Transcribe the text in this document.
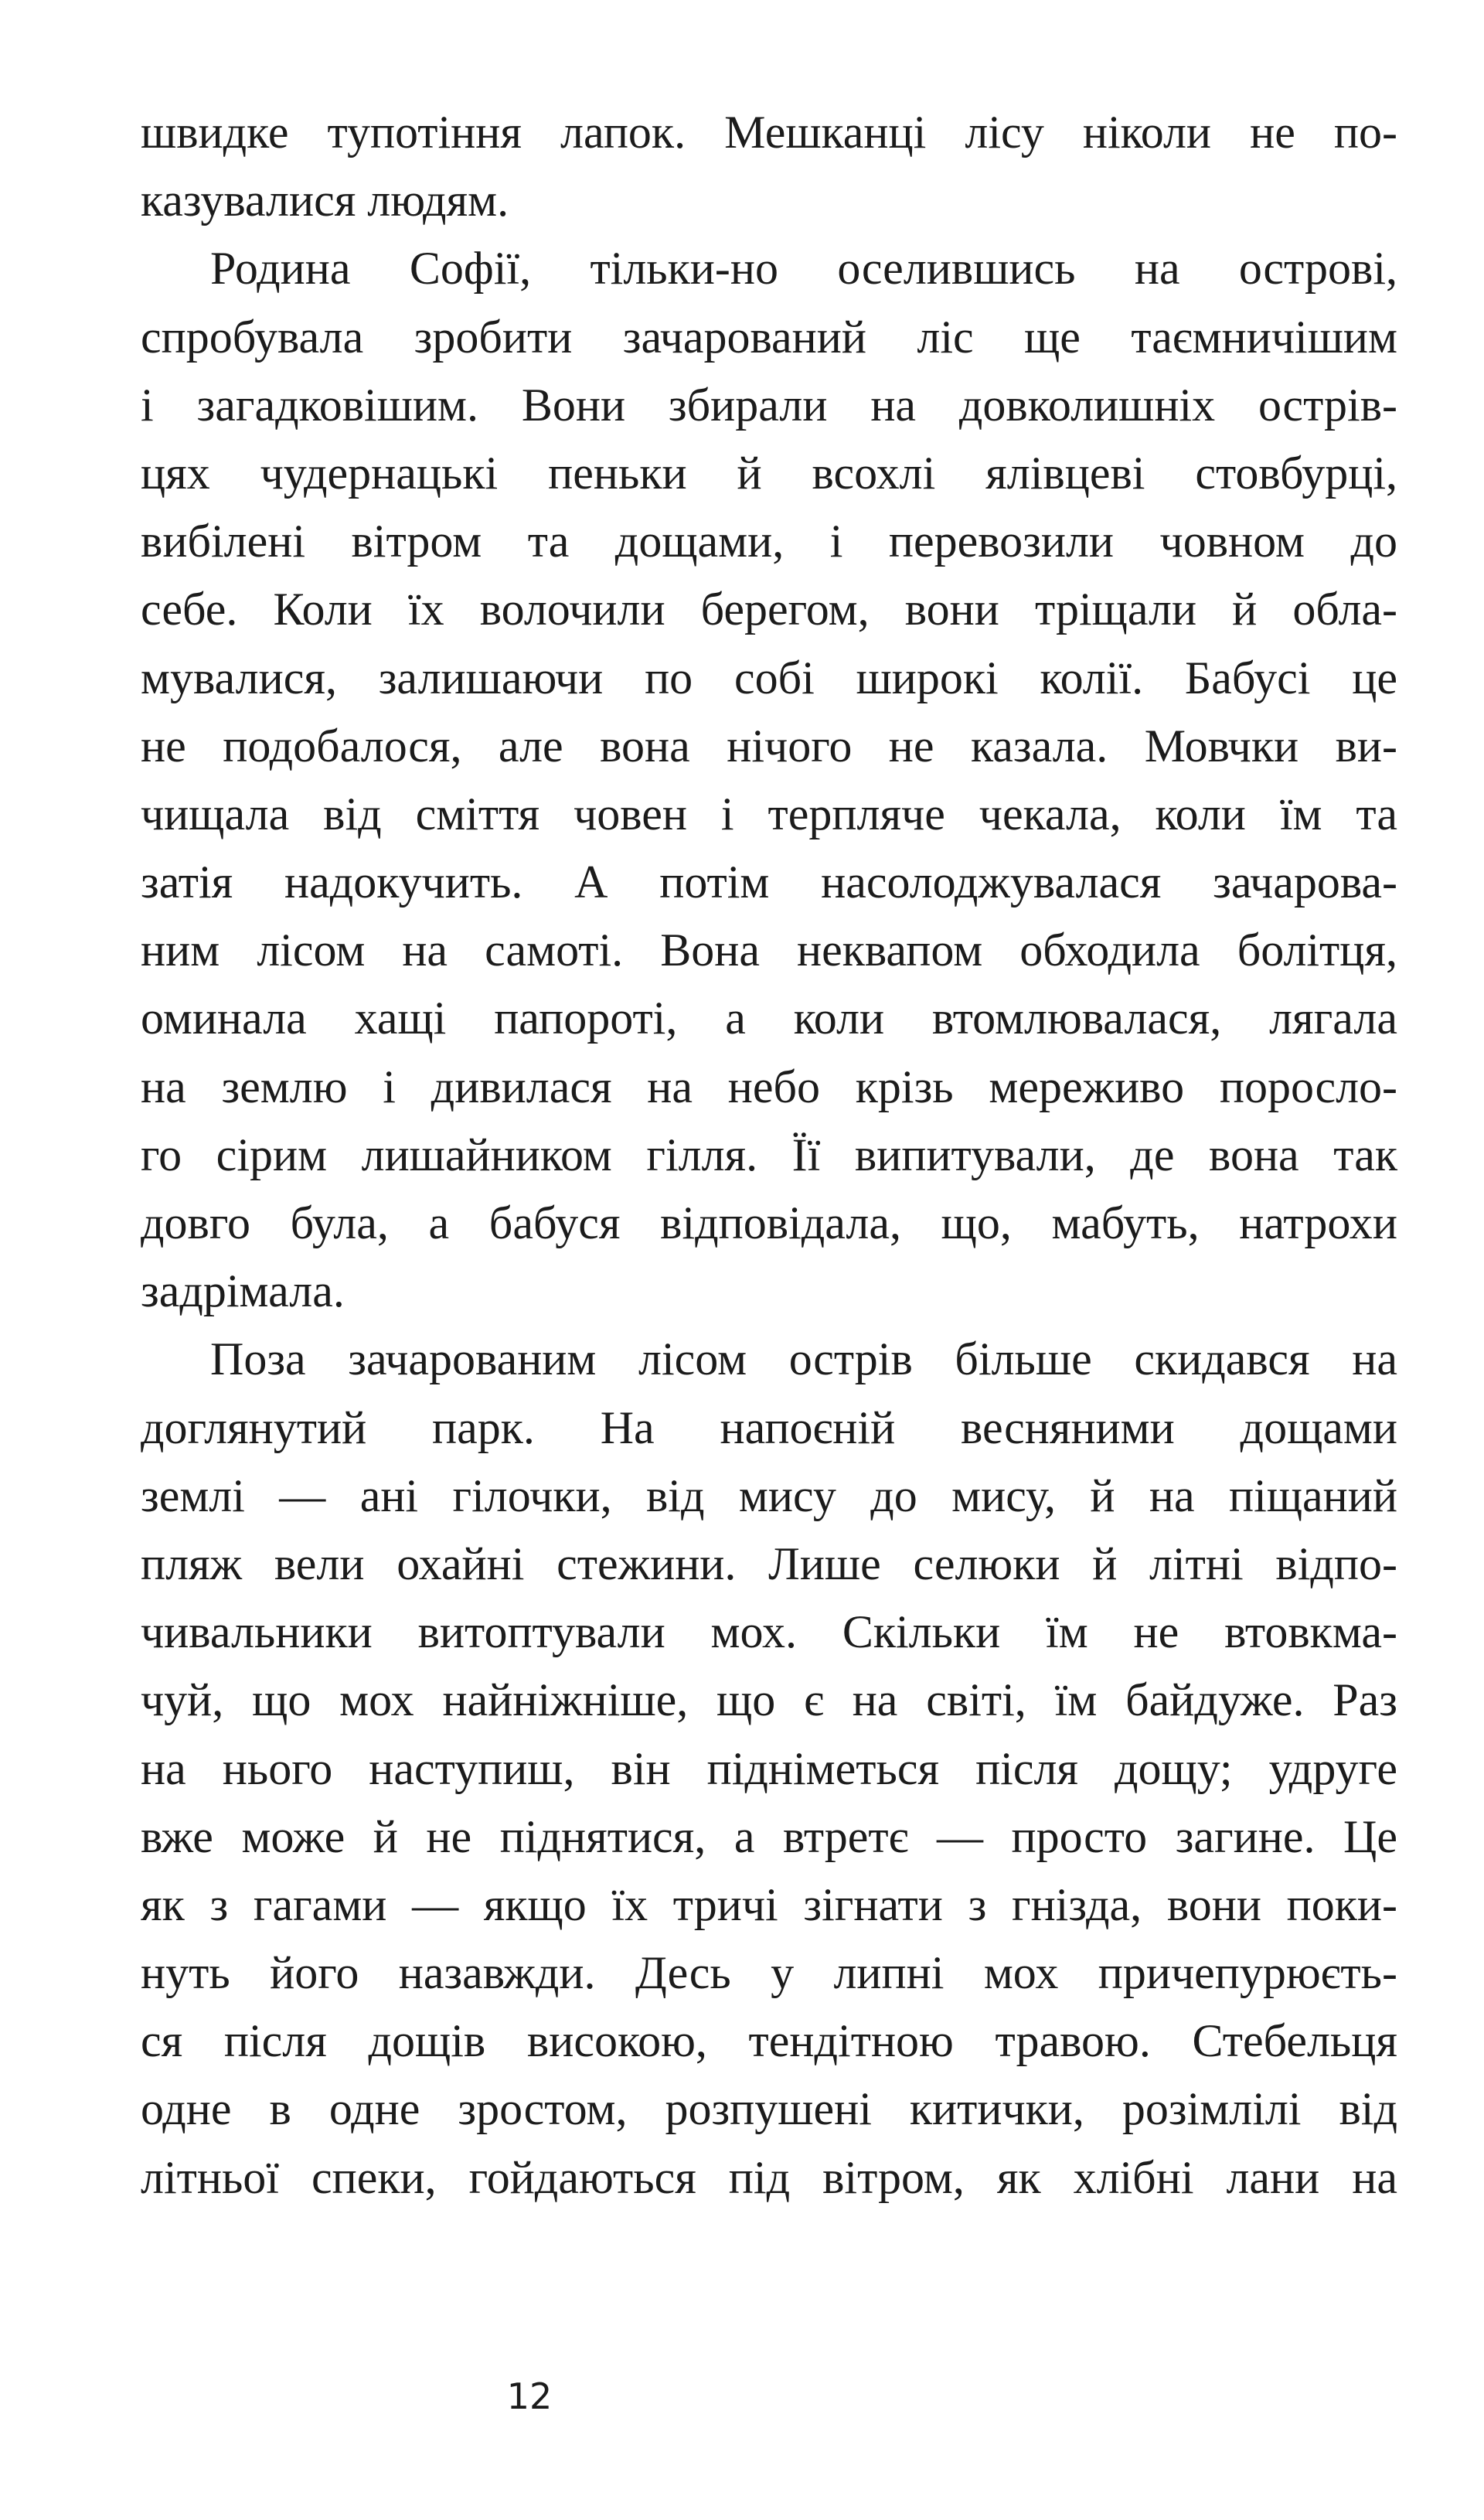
швидке тупотіння лапок. Мешканці лісу ніколи не по-
казувалися людям.
Родина Софії, тільки-но оселившись на острові,
спробувала зробити зачарований ліс ще таємничішим
і загадковішим. Вони збирали на довколишніх острів-
цях чудернацькі пеньки й всохлі ялівцеві стовбурці,
вибілені вітром та дощами, і перевозили човном до
себе. Коли їх волочили берегом, вони тріщали й обла-
мувалися, залишаючи по собі широкі колії. Бабусі це
не подобалося, але вона нічого не казала. Мовчки ви-
чищала від сміття човен і терпляче чекала, коли їм та
затія надокучить. А потім насолоджувалася зачарова-
ним лісом на самоті. Вона неквапом обходила болітця,
оминала хащі папороті, а коли втомлювалася, лягала
на землю і дивилася на небо крізь мереживо поросло-
го сірим лишайником гілля. Її випитували, де вона так
довго була, а бабуся відповідала, що, мабуть, натрохи
задрімала.
Поза зачарованим лісом острів більше скидався на
доглянутий парк. На напоєній весняними дощами
землі — ані гілочки, від мису до мису, й на піщаний
пляж вели охайні стежини. Лише селюки й літні відпо-
чивальники витоптували мох. Скільки їм не втовкма-
чуй, що мох найніжніше, що є на світі, їм байдуже. Раз
на нього наступиш, він підніметься після дощу; удруге
вже може й не піднятися, а втретє — просто загине. Це
як з гагами — якщо їх тричі зігнати з гнізда, вони поки-
нуть його назавжди. Десь у липні мох причепурюєть-
ся після дощів високою, тендітною травою. Стебельця
одне в одне зростом, розпушені китички, розімлілі від
літньої спеки, гойдаються під вітром, як хлібні лани на
12
